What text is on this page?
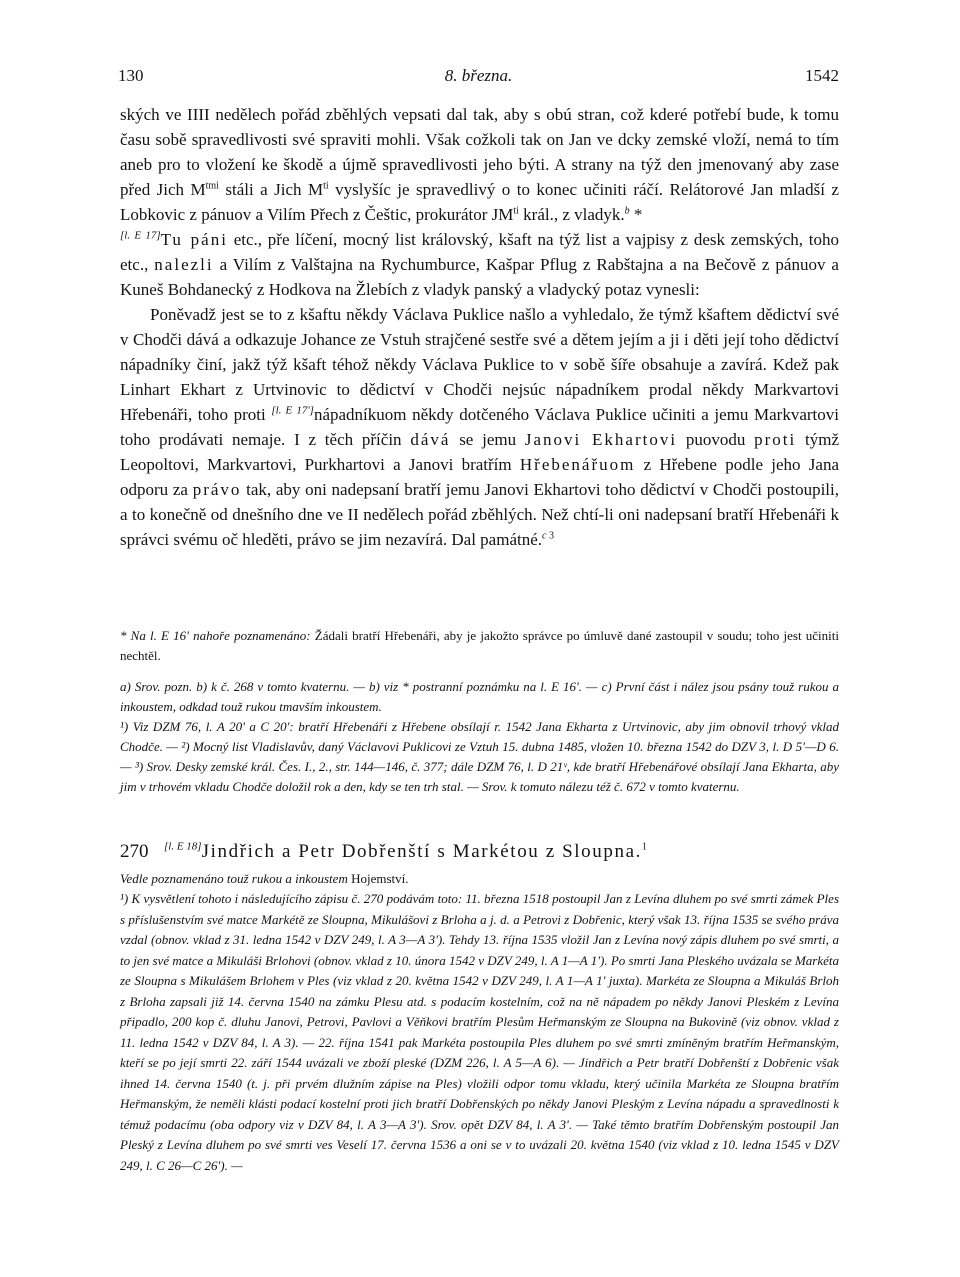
130	8. března.	1542

ských ve IIII nedělech pořád zběhlých vepsati dal tak, aby s obú stran, což kderé potřebí bude, k tomu času sobě spravedlivosti své spraviti mohli. Však cožkoli tak on Jan ve dcky zemské vloží, nemá to tím aneb pro to vložení ke škodě a újmě spravedlivosti jeho býti. A strany na týž den jmenovaný aby zase před Jich $M^{tmi}$ stáli a Jich $M^{ti}$ vyslyšíc je spravedlivý o to konec učiniti ráčí. Relátorové Jan mladší z Lobkovic z pánuov a Vilím Přech z Češtic, prokurátor $JM^{ti}$ král., z vladyk.$^b$ *

[l. E 17]Tu páni etc., pře líčení, mocný list královský, kšaft na týž list a vajpisy z desk zemských, toho etc., nalezli a Vilím z Valštajna na Rychumburce, Kašpar Pflug z Rabštajna a na Bečově z pánuov a Kuneš Bohdanecký z Hodkova na Žlebích z vladyk panský a vladycký potaz vynesli:

Poněvadž jest se to z kšaftu někdy Václava Puklice našlo a vyhledalo, že týmž kšaftem dědictví své v Chodči dává a odkazuje Johance ze Vstuh strajčené sestře své a dětem jejím a ji i děti její toho dědictví nápadníky činí, jakž týž kšaft téhož někdy Václava Puklice to v sobě šíře obsahuje a zavírá. Kdež pak Linhart Ekhart z Urtvinovic to dědictví v Chodči nejsúc nápadníkem prodal někdy Markvartovi Hřebenáři, toho proti [l. E 17']nápadníkuom někdy dotčeného Václava Puklice učiniti a jemu Markvartovi toho prodávati nemaje. I z těch příčin dává se jemu Janovi Ekhartovi puovodu proti týmž Leopoltovi, Markvartovi, Purkhartovi a Janovi bratřím Hřebenářuom z Hřebene podle jeho Jana odporu za právo tak, aby oni nadepsaní bratří jemu Janovi Ekhartovi toho dědictví v Chodči postoupili, a to konečně od dnešního dne ve II nedělech pořád zběhlých. Než chtí-li oni nadepsaní bratří Hřebenáři k správci svému oč hleděti, právo se jim nezavírá. Dal památné.$^c$ $^3$

* Na l. E 16' nahoře poznamenáno: Žádali bratří Hřebenáři, aby je jakožto správce po úmluvě dané zastoupil v soudu; toho jest učiniti nechtěl.
a) Srov. pozn. b) k č. 268 v tomto kvaternu. — b) viz * postranní poznámku na l. E 16'. — c) První část i nález jsou psány touž rukou a inkoustem, odkdad touž rukou tmavším inkoustem.
¹) Viz DZM 76, l. A 20' a C 20': bratří Hřebenáři z Hřebene obsílají r. 1542 Jana Ekharta z Urtvinovic, aby jim obnovil trhový vklad Chodče. — ²) Mocný list Vladislavův, daný Václavovi Puklicovi ze Vztuh 15. dubna 1485, vložen 10. března 1542 do DZV 3, l. D 5'—D 6. — ³) Srov. Desky zemské král. Čes. I., 2., str. 144—146, č. 377; dále DZM 76, l. D 21ᵛ, kde bratří Hřebenářové obsílají Jana Ekharta, aby jim v trhovém vkladu Chodče doložil rok a den, kdy se ten trh stal. — Srov. k tomuto nálezu též č. 672 v tomto kvaternu.
270 [l. E 18]Jindřich a Petr Dobřenští s Markétou z Sloupna.$^1$
Vedle poznamenáno touž rukou a inkoustem Hojemství.
¹) K vysvětlení tohoto i následujícího zápisu č. 270 podávám toto: 11. března 1518 postoupil Jan z Levína dluhem po své smrti zámek Ples s příslušenstvím své matce Markétě ze Sloupna, Mikulášovi z Brloha a j. d. a Petrovi z Dobřenic, který však 13. října 1535 se svého práva vzdal (obnov. vklad z 31. ledna 1542 v DZV 249, l. A 3—A 3'). Tehdy 13. října 1535 vložil Jan z Levína nový zápis dluhem po své smrti, a to jen své matce a Mikuláši Brlohovi (obnov. vklad z 10. února 1542 v DZV 249, l. A 1—A 1'). Po smrti Jana Pleského uvázala se Markéta ze Sloupna s Mikulášem Brlohem v Ples (viz vklad z 20. května 1542 v DZV 249, l. A 1—A 1' juxta). Markéta ze Sloupna a Mikuláš Brloh z Brloha zapsali již 14. června 1540 na zámku Plesu atd. s podacím kostelním, což na ně nápadem po někdy Janovi Pleském z Levína připadlo, 200 kop č. dluhu Janovi, Petrovi, Pavlovi a Věňkovi bratřím Plesům Heřmanským ze Sloupna na Bukovině (viz obnov. vklad z 11. ledna 1542 v DZV 84, l. A 3). — 22. října 1541 pak Markéta postoupila Ples dluhem po své smrti zmíněným bratřím Heřmanským, kteří se po její smrti 22. září 1544 uvázali ve zboží pleské (DZM 226, l. A 5—A 6). — Jindřich a Petr bratří Dobřenští z Dobřenic však ihned 14. června 1540 (t. j. při prvém dlužním zápise na Ples) vložili odpor tomu vkladu, který učinila Markéta ze Sloupna bratřím Heřmanským, že neměli klásti podací kostelní proti jich bratří Dobřenských po někdy Janovi Pleským z Levína nápadu a spravedlnosti k témuž podacímu (oba odpory viz v DZV 84, l. A 3—A 3'). Srov. opět DZV 84, l. A 3'. — Také těmto bratřím Dobřenským postoupil Jan Pleský z Levína dluhem po své smrti ves Veselí 17. června 1536 a oni se v to uvázali 20. května 1540 (viz vklad z 10. ledna 1545 v DZV 249, l. C 26—C 26'). —
